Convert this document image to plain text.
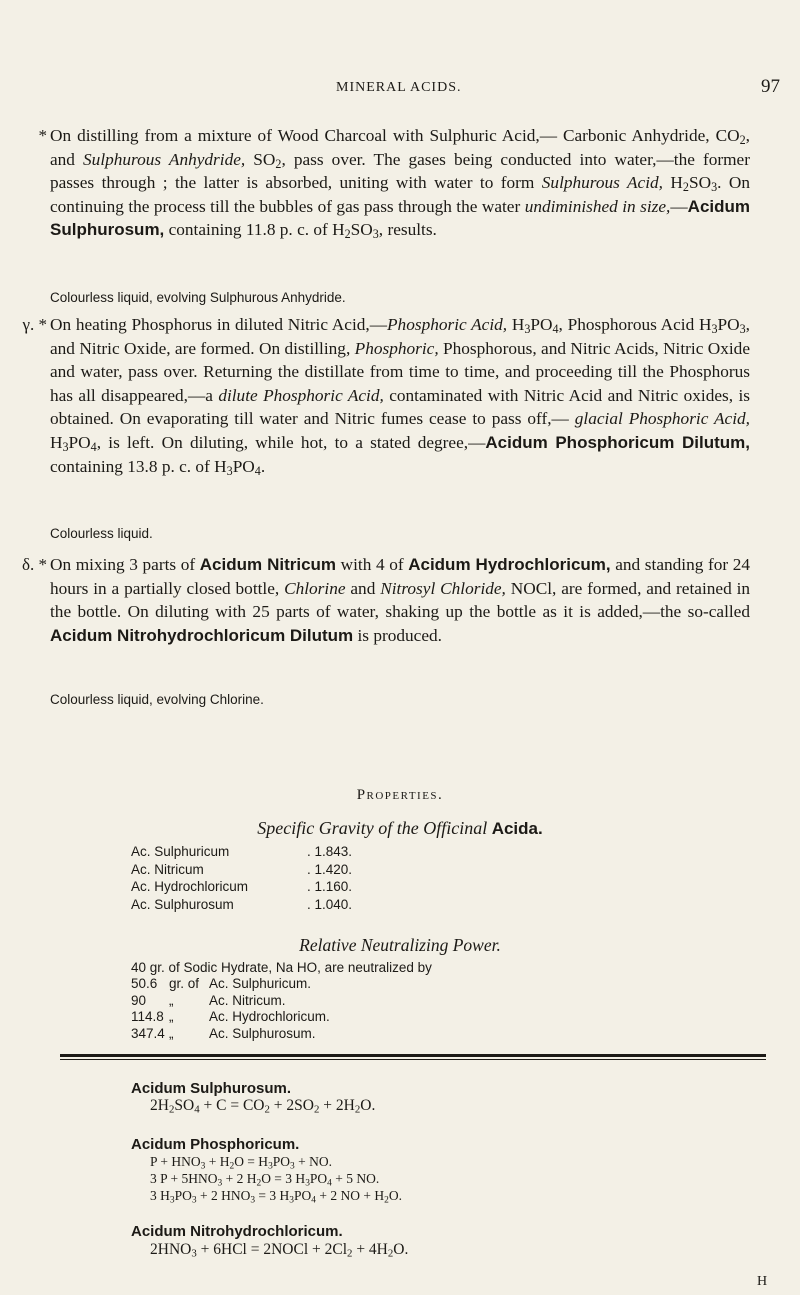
MINERAL ACIDS.	97
* On distilling from a mixture of Wood Charcoal with Sulphuric Acid,— Carbonic Anhydride, $CO_2$, and Sulphurous Anhydride, $SO_2$, pass over. The gases being conducted into water,—the former passes through ; the latter is absorbed, uniting with water to form Sulphurous Acid, $H_2SO_3$. On continuing the process till the bubbles of gas pass through the water undiminished in size,—Acidum Sulphurosum, containing 11.8 p. c. of $H_2SO_3$, results.
Colourless liquid, evolving Sulphurous Anhydride.
γ. * On heating Phosphorus in diluted Nitric Acid,—Phosphoric Acid, $H_3PO_4$, Phosphorous Acid $H_3PO_3$, and Nitric Oxide, are formed. On distilling, Phosphoric, Phosphorous, and Nitric Acids, Nitric Oxide and water, pass over. Returning the distillate from time to time, and proceeding till the Phosphorus has all disappeared,—a dilute Phosphoric Acid, contaminated with Nitric Acid and Nitric oxides, is obtained. On evaporating till water and Nitric fumes cease to pass off,— glacial Phosphoric Acid, $H_3PO_4$, is left. On diluting, while hot, to a stated degree,—Acidum Phosphoricum Dilutum, containing 13.8 p. c. of $H_3PO_4$.
Colourless liquid.
δ. * On mixing 3 parts of Acidum Nitricum with 4 of Acidum Hydrochloricum, and standing for 24 hours in a partially closed bottle, Chlorine and Nitrosyl Chloride, NOCl, are formed, and retained in the bottle. On diluting with 25 parts of water, shaking up the bottle as it is added,—the so-called Acidum Nitrohydrochloricum Dilutum is produced.
Colourless liquid, evolving Chlorine.
Properties.
Specific Gravity of the Officinal Acida.
Ac. Sulphuricum	. 1.843.
Ac. Nitricum	. 1.420.
Ac. Hydrochloricum	. 1.160.
Ac. Sulphurosum	. 1.040.
Relative Neutralizing Power.
40 gr. of Sodic Hydrate, Na HO, are neutralized by
50.6 gr. of Ac. Sulphuricum.
90	„	Ac. Nitricum.
114.8 „	Ac. Hydrochloricum.
347.4 „	Ac. Sulphurosum.
Acidum Sulphurosum.
$2H_2SO_4 + C = CO_2 + 2SO_2 + 2H_2O$.
Acidum Phosphoricum.
$P + HNO_3 + H_2O = H_3PO_3$ + NO.
3 $P + 5HNO_3 + 2$ $H_2O = 3$ $H_3PO_4 + 5$ NO.
3 $H_3PO_3 + 2$ $HNO_3 = 3$ $H_3PO_4 + 2$ NO + $H_2O$.
Acidum Nitrohydrochloricum.
$2HNO_3 + 6HCl$ = 2NOCl + $2Cl_2 + 4H_2O$.
H
